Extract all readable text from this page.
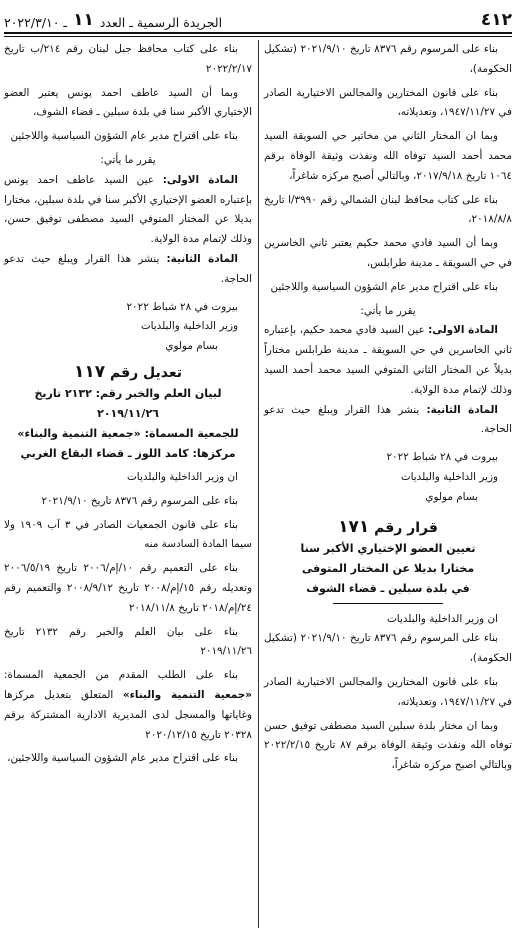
٤١٢
الجريدة الرسمية ـ العدد
١١
ـ ٢٠٢٢/٣/١٠

بناء على المرسوم رقم ٨٣٧٦ تاريخ ٢٠٢١/٩/١٠ (تشكيل الحكومة)،

بناء على قانون المختارين والمجالس الاختيارية الصادر في ١٩٤٧/١١/٢٧، وتعديلاته،

وبما ان المختار الثاني من مخاتير حي السويقة السيد محمد أحمد السيد توفاه الله ونفذت وثيقة الوفاة برقم ١٠٦٤ تاريخ ٢٠١٧/٩/١٨، وبالتالي أصبح مركزه شاغراً،

بناء على كتاب محافظ لبنان الشمالي رقم ٣٩٩٠/ا تاريخ ٢٠١٨/٨/٨،

وبما أن السيد فادي محمد حكيم يعتبر ثاني الخاسرين في حي السويقة ـ مدينة طرابلس،

بناء على اقتراح مدير عام الشؤون السياسية واللاجئين

يقرر ما يأتي:

المادة الاولى: عين السيد فادي محمد حكيم، بإعتباره ثاني الخاسرين في حي السويقة ـ مدينة طرابلس مختاراً بديلاً عن المختار الثاني المتوفي السيد محمد أحمد السيد وذلك لإتمام مدة الولاية.

المادة الثانية: ينشر هذا القرار ويبلغ حيث تدعو الحاجة.

بيروت في ٢٨ شباط ٢٠٢٢

وزير الداخلية والبلديات

بسام مولوي

قرار رقم ١٧١

تعيين العضو الإختياري الأكبر سنا

مختارا بديلا عن المختار المتوفى

في بلدة سبلين ـ قضاء الشوف

ان وزير الداخلية والبلديات

بناء على المرسوم رقم ٨٣٧٦ تاريخ ٢٠٢١/٩/١٠ (تشكيل الحكومة)،

بناء على قانون المختارين والمجالس الاختيارية الصادر في ١٩٤٧/١١/٢٧، وتعديلاته،

وبما ان مختار بلدة سبلين السيد مصطفى توفيق حسن توفاه الله ونفذت وثيقة الوفاة برقم ٨٧ تاريخ ٢٠٢٢/٢/١٥ وبالتالي اصبح مركزه شاغراً،

بناء على كتاب محافظ جبل لبنان رقم ٢١٤/ب تاريخ ٢٠٢٢/٢/١٧

وبما أن السيد عاطف احمد يونس يعتبر العضو الإختياري الأكبر سنا في بلدة سبلين ـ قضاء الشوف،

بناء على اقتراح مدير عام الشؤون السياسية واللاجئين

يقرر ما يأتي:

المادة الاولى: عين السيد عاطف احمد يونس بإعتباره العضو الإختياري الأكبر سنا في بلدة سبلين، مختارا بديلا عن المختار المتوفي السيد مصطفى توفيق حسن، وذلك لإتمام مدة الولاية.

المادة الثانية: ينشر هذا القرار ويبلغ حيث تدعو الحاجة.

بيروت في ٢٨ شباط ٢٠٢٢

وزير الداخلية والبلديات

بسام مولوي

تعديل رقم ١١٧

لبيان العلم والخبر رقم: ٢١٣٢ تاريخ ٢٠١٩/١١/٢٦

للجمعية المسماة: «جمعية التنمية والبناء»

مركزها: كامد اللوز ـ قضاء البقاع الغربي

ان وزير الداخلية والبلديات

بناء على المرسوم رقم ٨٣٧٦ تاريخ ٢٠٢١/٩/١٠

بناء على قانون الجمعيات الصادر في ٣ آب ١٩٠٩ ولا سيما المادة السادسة منه

بناء على التعميم رقم ١٠/إم/٢٠٠٦ تاريخ ٢٠٠٦/٥/١٩ وتعديله رقم ١٥/إم/٢٠٠٨ تاريخ ٢٠٠٨/٩/١٢ والتعميم رقم ٢٤/إم/٢٠١٨ تاريخ ٢٠١٨/١١/٨

بناء على بيان العلم والخبر رقم ٢١٣٢ تاريخ ٢٠١٩/١١/٢٦

بناء على الطلب المقدم من الجمعية المسماة: «جمعية التنمية والبناء» المتعلق بتعديل مركزها وغاياتها والمسجل لدى المديرية الادارية المشتركة برقم ٢٠٣٢٨ تاريخ ٢٠٢٠/١٢/١٥

بناء على اقتراح مدير عام الشؤون السياسية واللاجئين،
